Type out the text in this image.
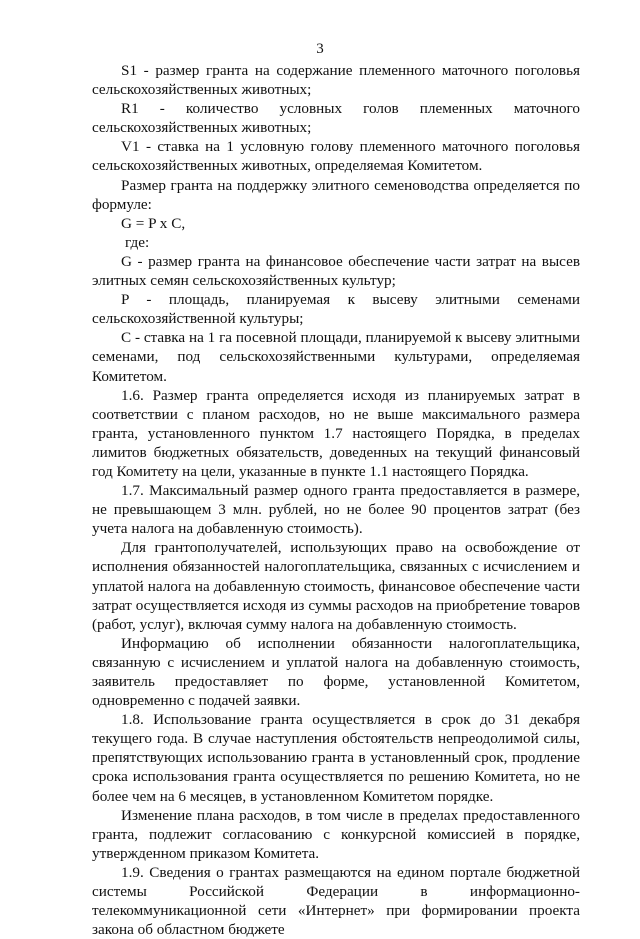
3

S1 - размер гранта на содержание племенного маточного поголовья сельскохозяйственных животных;

R1 - количество условных голов племенных маточного сельскохозяйственных животных;

V1 - ставка на 1 условную голову племенного маточного поголовья сельскохозяйственных животных, определяемая Комитетом.

Размер гранта на поддержку элитного семеноводства определяется по формуле:

G = P x C,

где:

G - размер гранта на финансовое обеспечение части затрат на высев элитных семян сельскохозяйственных культур;

P - площадь, планируемая к высеву элитными семенами сельскохозяйственной культуры;

C - ставка на 1 га посевной площади, планируемой к высеву элитными семенами, под сельскохозяйственными культурами, определяемая Комитетом.

1.6. Размер гранта определяется исходя из планируемых затрат в соответствии с планом расходов, но не выше максимального размера гранта, установленного пунктом 1.7 настоящего Порядка, в пределах лимитов бюджетных обязательств, доведенных на текущий финансовый год Комитету на цели, указанные в пункте 1.1 настоящего Порядка.

1.7. Максимальный размер одного гранта предоставляется в размере, не превышающем 3 млн. рублей, но не более 90 процентов затрат (без учета налога на добавленную стоимость).

Для грантополучателей, использующих право на освобождение от исполнения обязанностей налогоплательщика, связанных с исчислением и уплатой налога на добавленную стоимость, финансовое обеспечение части затрат осуществляется исходя из суммы расходов на приобретение товаров (работ, услуг), включая сумму налога на добавленную стоимость.

Информацию об исполнении обязанности налогоплательщика, связанную с исчислением и уплатой налога на добавленную стоимость, заявитель предоставляет по форме, установленной Комитетом, одновременно с подачей заявки.

1.8. Использование гранта осуществляется в срок до 31 декабря текущего года. В случае наступления обстоятельств непреодолимой силы, препятствующих использованию гранта в установленный срок, продление срока использования гранта осуществляется по решению Комитета, но не более чем на 6 месяцев, в установленном Комитетом порядке.

Изменение плана расходов, в том числе в пределах предоставленного гранта, подлежит согласованию с конкурсной комиссией в порядке, утвержденном приказом Комитета.

1.9. Сведения о грантах размещаются на едином портале бюджетной системы Российской Федерации в информационно-телекоммуникационной сети «Интернет» при формировании проекта закона об областном бюджете
